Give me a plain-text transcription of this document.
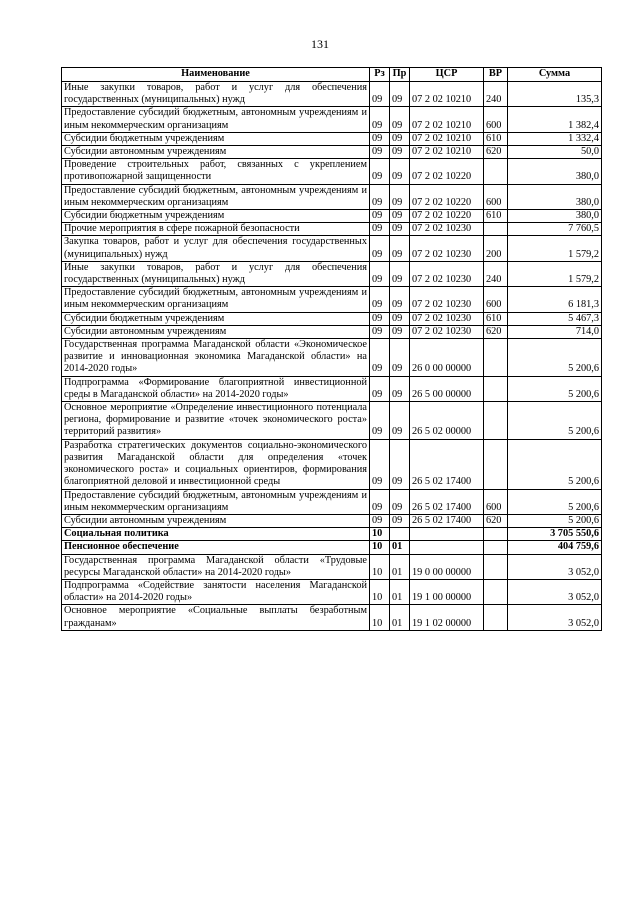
131
Наименование	Рз	Пр	ЦСР	ВР	Сумма
Иные закупки товаров, работ и услуг для обеспечения государственных (муниципальных) нужд	09	09	07 2 02 10210	240	135,3
Предоставление субсидий бюджетным, автономным учреждениям и иным некоммерческим организациям	09	09	07 2 02 10210	600	1 382,4
Субсидии бюджетным учреждениям	09	09	07 2 02 10210	610	1 332,4
Субсидии автономным учреждениям	09	09	07 2 02 10210	620	50,0
Проведение строительных работ, связанных с укреплением противопожарной защищенности	09	09	07 2 02 10220		380,0
Предоставление субсидий бюджетным, автономным учреждениям и иным некоммерческим организациям	09	09	07 2 02 10220	600	380,0
Субсидии бюджетным учреждениям	09	09	07 2 02 10220	610	380,0
Прочие мероприятия в сфере пожарной безопасности	09	09	07 2 02 10230		7 760,5
Закупка товаров, работ и услуг для обеспечения государственных (муниципальных) нужд	09	09	07 2 02 10230	200	1 579,2
Иные закупки товаров, работ и услуг для обеспечения государственных (муниципальных) нужд	09	09	07 2 02 10230	240	1 579,2
Предоставление субсидий бюджетным, автономным учреждениям и иным некоммерческим организациям	09	09	07 2 02 10230	600	6 181,3
Субсидии бюджетным учреждениям	09	09	07 2 02 10230	610	5 467,3
Субсидии автономным учреждениям	09	09	07 2 02 10230	620	714,0
Государственная программа Магаданской области «Экономическое развитие и инновационная экономика Магаданской области» на 2014-2020 годы»	09	09	26 0 00 00000		5 200,6
Подпрограмма «Формирование благоприятной инвестиционной среды в Магаданской области» на 2014-2020 годы»	09	09	26 5 00 00000		5 200,6
Основное мероприятие «Определение инвестиционного потенциала региона, формирование и развитие «точек экономического роста» территорий развития»	09	09	26 5 02 00000		5 200,6
Разработка стратегических документов социально-экономического развития Магаданской области для определения «точек экономического роста» и социальных ориентиров, формирования благоприятной деловой и инвестиционной среды	09	09	26 5 02 17400		5 200,6
Предоставление субсидий бюджетным, автономным учреждениям и иным некоммерческим организациям	09	09	26 5 02 17400	600	5 200,6
Субсидии автономным учреждениям	09	09	26 5 02 17400	620	5 200,6
Социальная политика	10				3 705 550,6
Пенсионное обеспечение	10	01			404 759,6
Государственная программа Магаданской области «Трудовые ресурсы Магаданской области» на 2014-2020 годы»	10	01	19 0 00 00000		3 052,0
Подпрограмма «Содействие занятости населения Магаданской области» на 2014-2020 годы»	10	01	19 1 00 00000		3 052,0
Основное мероприятие «Социальные выплаты безработным гражданам»	10	01	19 1 02 00000		3 052,0
